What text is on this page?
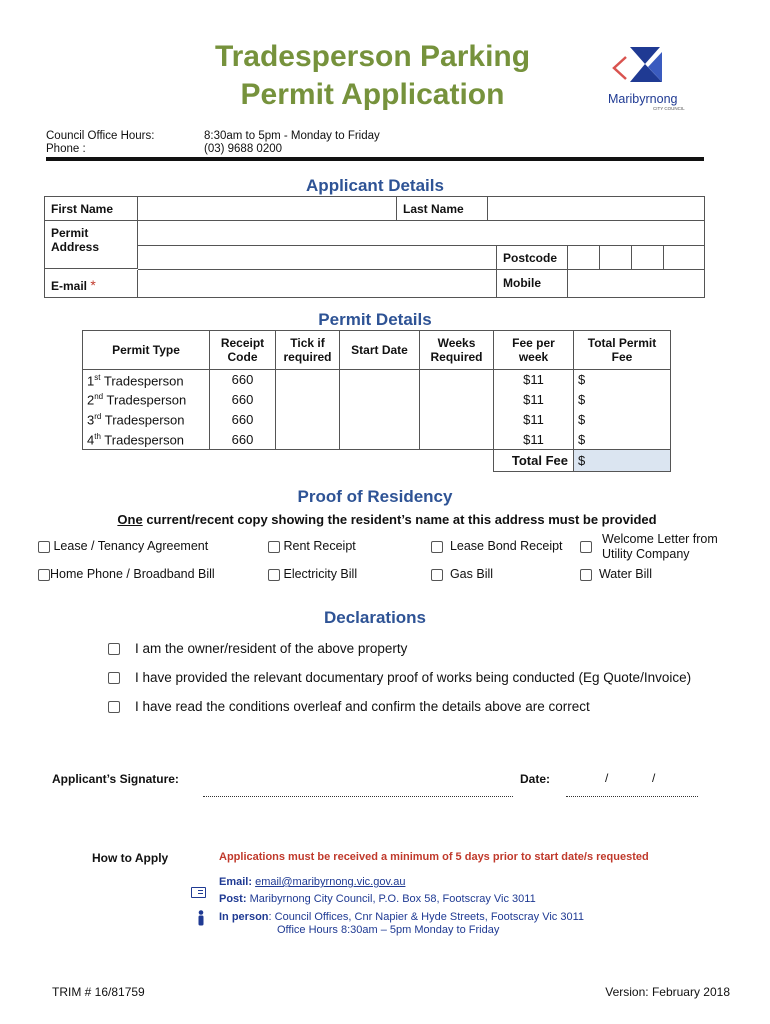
Tradesperson Parking
Permit Application	Maribyrnong
CITY COUNCIL
Council Office Hours:	8:30am to 5pm - Monday to Friday
Phone :	(03) 9688 0200
Applicant Details
First Name	Last Name
Permit
Address
Postcode
E-mail *	Mobile
Permit Details
Permit Type	Receipt Code	Tick if required	Start Date	Weeks Required	Fee per week	Total Permit Fee
1st Tradesperson	660				$11	$
2nd Tradesperson	660				$11	$
3rd Tradesperson	660				$11	$
4th Tradesperson	660				$11	$
					Total Fee	$
Proof of Residency
One current/recent copy showing the resident’s name at this address must be provided
Lease / Tenancy Agreement	Rent Receipt	Lease Bond Receipt	Welcome Letter from
Utility Company
Home Phone / Broadband Bill	Electricity Bill	Gas Bill	Water Bill
Declarations
I am the owner/resident of the above property
I have provided the relevant documentary proof of works being conducted (Eg Quote/Invoice)
I have read the conditions overleaf and confirm the details above are correct
Applicant’s Signature:	Date:	/	/
How to Apply	Applications must be received a minimum of 5 days prior to start date/s requested
Email: email@maribyrnong.vic.gov.au
Post: Maribyrnong City Council, P.O. Box 58, Footscray Vic 3011
In person: Council Offices, Cnr Napier & Hyde Streets, Footscray Vic 3011
Office Hours 8:30am – 5pm Monday to Friday
TRIM # 16/81759	Version: February 2018
